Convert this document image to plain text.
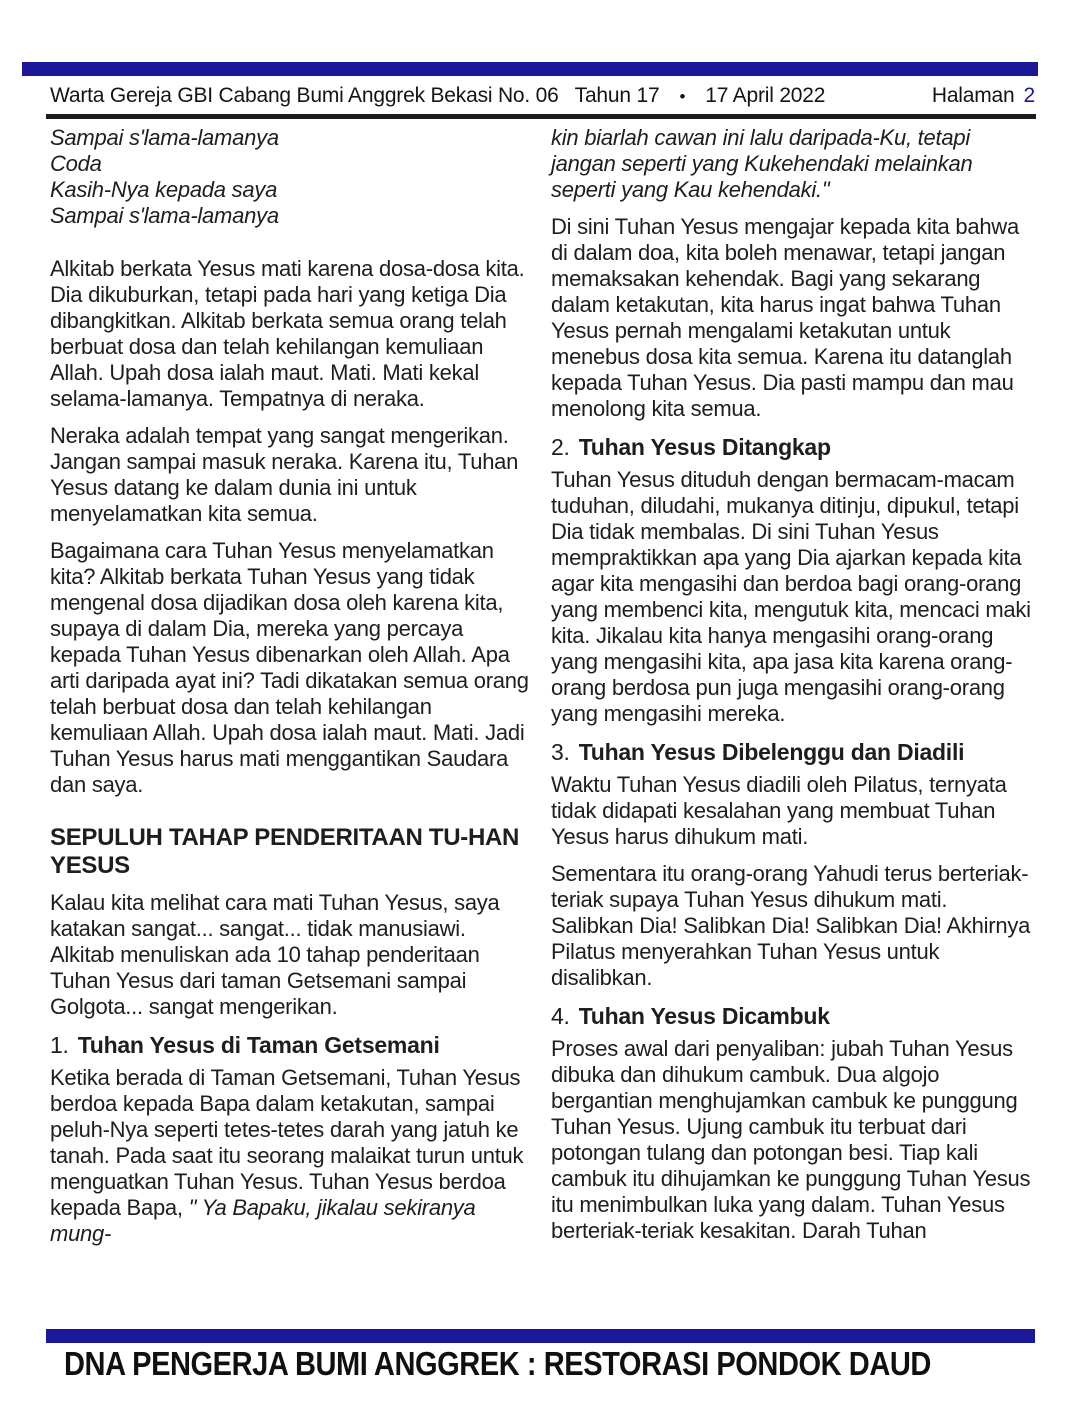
Warta Gereja GBI Cabang Bumi Anggrek Bekasi No. 06 Tahun 17 • 17 April 2022	Halaman 2
Sampai s'lama-lamanya
Coda
Kasih-Nya kepada saya
Sampai s'lama-lamanya

Alkitab berkata Yesus mati karena dosa-dosa kita. Dia dikuburkan, tetapi pada hari yang ketiga Dia dibangkitkan. Alkitab berkata semua orang telah berbuat dosa dan telah kehilangan kemuliaan Allah. Upah dosa ialah maut. Mati. Mati kekal selama-lamanya. Tempatnya di neraka.

Neraka adalah tempat yang sangat mengerikan. Jangan sampai masuk neraka. Karena itu, Tuhan Yesus datang ke dalam dunia ini untuk menyelamatkan kita semua.

Bagaimana cara Tuhan Yesus menyelamatkan kita? Alkitab berkata Tuhan Yesus yang tidak mengenal dosa dijadikan dosa oleh karena kita, supaya di dalam Dia, mereka yang percaya kepada Tuhan Yesus dibenarkan oleh Allah. Apa arti daripada ayat ini? Tadi dikatakan semua orang telah berbuat dosa dan telah kehilangan kemuliaan Allah. Upah dosa ialah maut. Mati. Jadi Tuhan Yesus harus mati menggantikan Saudara dan saya.

SEPULUH TAHAP PENDERITAAN TU-HAN YESUS

Kalau kita melihat cara mati Tuhan Yesus, saya katakan sangat... sangat... tidak manusiawi. Alkitab menuliskan ada 10 tahap penderitaan Tuhan Yesus dari taman Getsemani sampai Golgota... sangat mengerikan.

1. Tuhan Yesus di Taman Getsemani

Ketika berada di Taman Getsemani, Tuhan Yesus berdoa kepada Bapa dalam ketakutan, sampai peluh-Nya seperti tetes-tetes darah yang jatuh ke tanah. Pada saat itu seorang malaikat turun untuk menguatkan Tuhan Yesus. Tuhan Yesus berdoa kepada Bapa, " Ya Bapaku, jikalau sekiranya mung-

kin biarlah cawan ini lalu daripada-Ku, tetapi jangan seperti yang Kukehendaki melainkan seperti yang Kau kehendaki."

Di sini Tuhan Yesus mengajar kepada kita bahwa di dalam doa, kita boleh menawar, tetapi jangan memaksakan kehendak. Bagi yang sekarang dalam ketakutan, kita harus ingat bahwa Tuhan Yesus pernah mengalami ketakutan untuk menebus dosa kita semua. Karena itu datanglah kepada Tuhan Yesus. Dia pasti mampu dan mau menolong kita semua.

2. Tuhan Yesus Ditangkap

Tuhan Yesus dituduh dengan bermacam-macam tuduhan, diludahi, mukanya ditinju, dipukul, tetapi Dia tidak membalas. Di sini Tuhan Yesus mempraktikkan apa yang Dia ajarkan kepada kita agar kita mengasihi dan berdoa bagi orang-orang yang membenci kita, mengutuk kita, mencaci maki kita. Jikalau kita hanya mengasihi orang-orang yang mengasihi kita, apa jasa kita karena orang-orang berdosa pun juga mengasihi orang-orang yang mengasihi mereka.

3. Tuhan Yesus Dibelenggu dan Diadili

Waktu Tuhan Yesus diadili oleh Pilatus, ternyata tidak didapati kesalahan yang membuat Tuhan Yesus harus dihukum mati.

Sementara itu orang-orang Yahudi terus berteriak-teriak supaya Tuhan Yesus dihukum mati. Salibkan Dia! Salibkan Dia! Salibkan Dia! Akhirnya Pilatus menyerahkan Tuhan Yesus untuk disalibkan.

4. Tuhan Yesus Dicambuk

Proses awal dari penyaliban: jubah Tuhan Yesus dibuka dan dihukum cambuk. Dua algojo bergantian menghujamkan cambuk ke punggung Tuhan Yesus. Ujung cambuk itu terbuat dari potongan tulang dan potongan besi. Tiap kali cambuk itu dihujamkan ke punggung Tuhan Yesus itu menimbulkan luka yang dalam. Tuhan Yesus berteriak-teriak kesakitan. Darah Tuhan

DNA PENGERJA BUMI ANGGREK : RESTORASI PONDOK DAUD
